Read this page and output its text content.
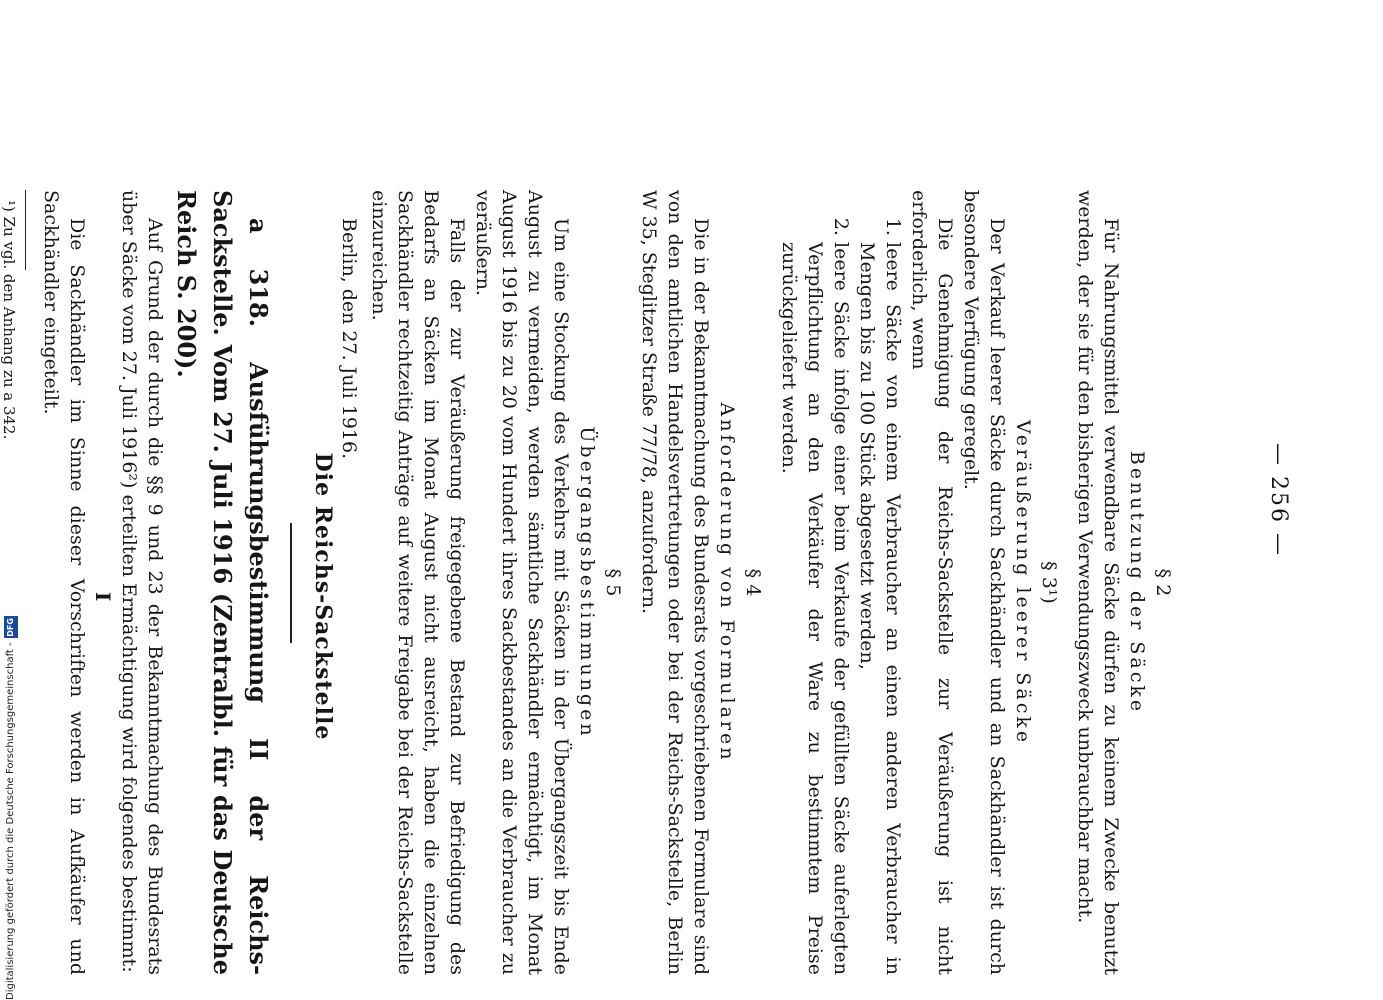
— 256 —

§ 2

Benutzung der Säcke

Für Nahrungsmittel verwendbare Säcke dürfen zu keinem Zwecke benutzt werden, der sie für den bisherigen Verwendungszweck unbrauchbar macht.

§ 3¹)

Veräußerung leerer Säcke

Der Verkauf leerer Säcke durch Sackhändler und an Sackhändler ist durch besondere Verfügung geregelt.

Die Genehmigung der Reichs-Sackstelle zur Veräußerung ist nicht erforderlich, wenn

1. leere Säcke von einem Verbraucher an einen anderen Verbraucher in Mengen bis zu 100 Stück abgesetzt werden,
2. leere Säcke infolge einer beim Verkaufe der gefüllten Säcke auferlegten Verpflichtung an den Verkäufer der Ware zu bestimmtem Preise zurückgeliefert werden.

§ 4

Anforderung von Formularen

Die in der Bekanntmachung des Bundesrats vorgeschriebenen Formulare sind von den amtlichen Handelsvertretungen oder bei der Reichs-Sackstelle, Berlin W 35, Steglitzer Straße 77/78, anzufordern.

§ 5

Übergangsbestimmungen

Um eine Stockung des Verkehrs mit Säcken in der Übergangszeit bis Ende August zu vermeiden, werden sämtliche Sackhändler ermächtigt, im Monat August 1916 bis zu 20 vom Hundert ihres Sackbestandes an die Verbraucher zu veräußern.

Falls der zur Veräußerung freigegebene Bestand zur Befriedigung des Bedarfs an Säcken im Monat August nicht ausreicht, haben die einzelnen Sackhändler rechtzeitig Anträge auf weitere Freigabe bei der Reichs-Sackstelle einzureichen.

Berlin, den 27. Juli 1916.

Die Reichs-Sackstelle

a 318. Ausführungsbestimmung II der Reichs-Sackstelle. Vom 27. Juli 1916 (Zentralbl. für das Deutsche Reich S. 200).

Auf Grund der durch die §§ 9 und 23 der Bekanntmachung des Bundesrats über Säcke vom 27. Juli 1916²) erteilten Ermächtigung wird folgendes bestimmt:

I

Die Sackhändler im Sinne dieser Vorschriften werden in Aufkäufer und Sackhändler eingeteilt.

¹) Zu vgl. den Anhang zu a 342.
Digitalisierung gefördert durch die Deutsche Forschungsgemeinschaft -
DFG
